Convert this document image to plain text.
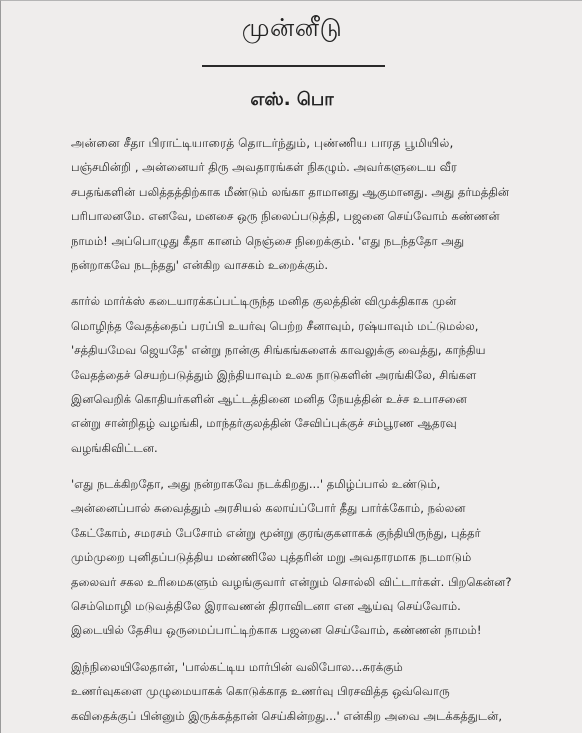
முன்னீடு
எஸ். பொ
அன்னை சீதா பிராட்டியாரைத் தொடர்ந்தும், புண்ணிய பாரத பூமியில்,
பஞ்சமின்றி , அன்னையர் திரு அவதாரங்கள் நிகழும். அவர்களுடைய வீர
சபதங்களின் பலித்தத்திற்காக மீண்டும் லங்கா தாமானது ஆகுமானது. அது தர்மத்தின்
பரிபாலனமே. எனவே, மனசை ஒரு நிலைப்படுத்தி, பஜனை செய்வோம் கண்ணன்
நாமம்! அப்பொழுது கீதா கானம் நெஞ்சை நிறைக்கும். 'எது நடந்ததோ அது
நன்றாகவே நடந்தது' என்கிற வாசகம் உறைக்கும்.
கார்ல் மார்க்ஸ் கடையாரக்கப்பட்டிருந்த மனித குலத்தின் விமுக்திகாக முன்
மொழிந்த வேதத்தைப் பரப்பி உயர்வு பெற்ற சீனாவும், ரஷ்யாவும் மட்டுமல்ல,
'சத்தியமேவ ஜெயதே' என்று நான்கு சிங்கங்களைக் காவலுக்கு வைத்து, காந்திய
வேதத்தைச் செயற்படுத்தும் இந்தியாவும் உலக நாடுகளின் அரங்கிலே, சிங்கள
இனவெறிக் கொதியர்களின் ஆட்டத்தினை மனித நேயத்தின் உச்ச உபாசனை
என்று சான்றிதழ் வழங்கி, மாந்தர்குலத்தின் சேவிப்புக்குச் சம்பூரண ஆதரவு
வழங்கிவிட்டன.
'எது நடக்கிறதோ, அது நன்றாகவே நடக்கிறது...' தமிழ்ப்பால் உண்டும்,
அன்னைப்பால் சுவைத்தும் அரசியல் கலாய்ப்போர் தீது பார்க்கோம், நல்லன
கேட்கோம், சமரசம் பேசோம் என்று மூன்று குரங்குகளாகக் குந்தியிருந்து, புத்தர்
மும்முறை புனிதப்படுத்திய மண்ணிலே புத்தரின் மறு அவதாரமாக நடமாடும்
தலைவர் சகல உரிமைகளும் வழங்குவார் என்றும் சொல்லி விட்டார்கள். பிறகென்ன?
செம்மொழி மடுவத்திலே இராவணன் திராவிடனா என ஆய்வு செய்வோம்.
இடையில் தேசிய ஒருமைப்பாட்டிற்காக பஜனை செய்வோம், கண்ணன் நாமம்!
இந்நிலையிலேதான், 'பால்கட்டிய மார்பின் வலிபோல...சுரக்கும்
உணர்வுகளை முழுமையாகக் கொடுக்காத உணர்வு பிரசவித்த ஒவ்வொரு
கவிதைக்குப் பின்னும் இருக்கத்தான் செய்கின்றது...' என்கிற அவை அடக்கத்துடன்,
